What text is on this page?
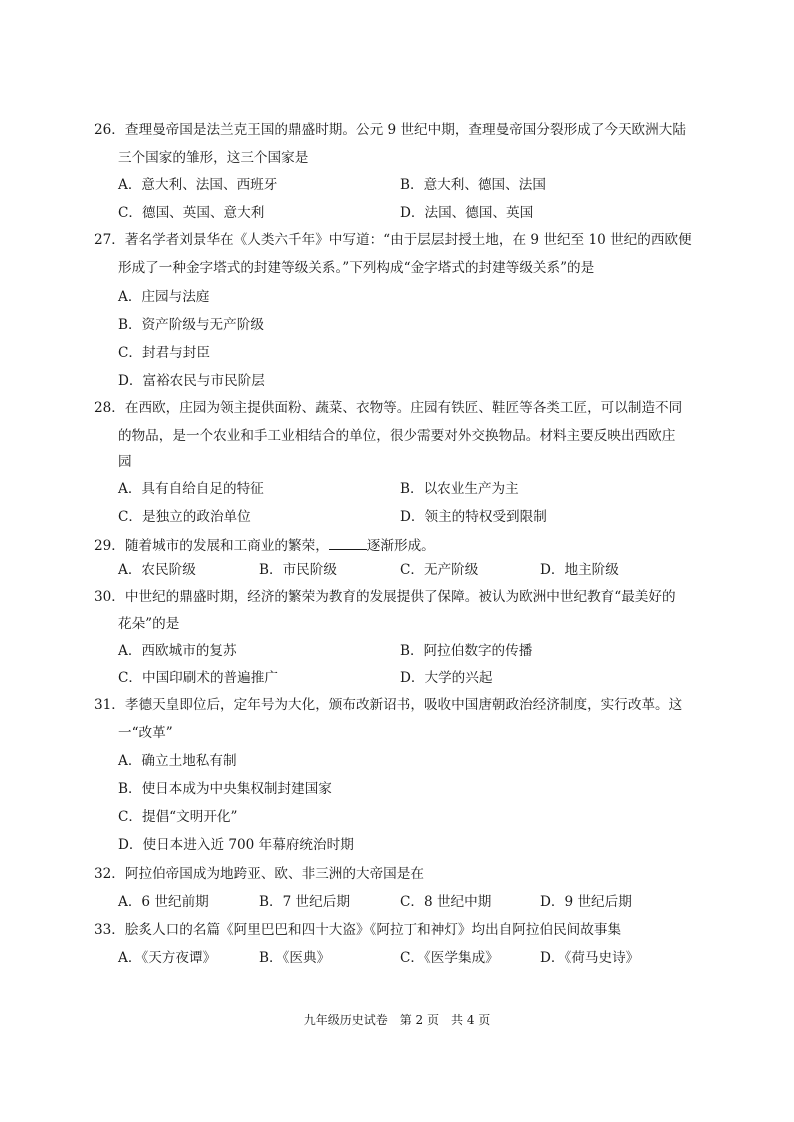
26．查理曼帝国是法兰克王国的鼎盛时期。公元 9 世纪中期，查理曼帝国分裂形成了今天欧洲大陆
三个国家的雏形，这三个国家是
A．意大利、法国、西班牙	B．意大利、德国、法国
C．德国、英国、意大利	D．法国、德国、英国
27．著名学者刘景华在《人类六千年》中写道：“由于层层封授土地，在 9 世纪至 10 世纪的西欧便
形成了一种金字塔式的封建等级关系。”下列构成“金字塔式的封建等级关系”的是
A．庄园与法庭
B．资产阶级与无产阶级
C．封君与封臣
D．富裕农民与市民阶层
28．在西欧，庄园为领主提供面粉、蔬菜、衣物等。庄园有铁匠、鞋匠等各类工匠，可以制造不同
的物品，是一个农业和手工业相结合的单位，很少需要对外交换物品。材料主要反映出西欧庄
园
A．具有自给自足的特征	B．以农业生产为主
C．是独立的政治单位	D．领主的特权受到限制
29．随着城市的发展和工商业的繁荣，	逐渐形成。
A．农民阶级	B．市民阶级	C．无产阶级	D．地主阶级
30．中世纪的鼎盛时期，经济的繁荣为教育的发展提供了保障。被认为欧洲中世纪教育“最美好的
花朵”的是
A．西欧城市的复苏	B．阿拉伯数字的传播
C．中国印刷术的普遍推广	D．大学的兴起
31．孝德天皇即位后，定年号为大化，颁布改新诏书，吸收中国唐朝政治经济制度，实行改革。这
一“改革”
A．确立土地私有制
B．使日本成为中央集权制封建国家
C．提倡“文明开化”
D．使日本进入近 700 年幕府统治时期
32．阿拉伯帝国成为地跨亚、欧、非三洲的大帝国是在
A．6 世纪前期	B．7 世纪后期	C．8 世纪中期	D．9 世纪后期
33．脍炙人口的名篇《阿里巴巴和四十大盗》《阿拉丁和神灯》均出自阿拉伯民间故事集
A．《天方夜谭》	B．《医典》	C．《医学集成》	D．《荷马史诗》
九年级历史试卷　第 2 页　共 4 页
